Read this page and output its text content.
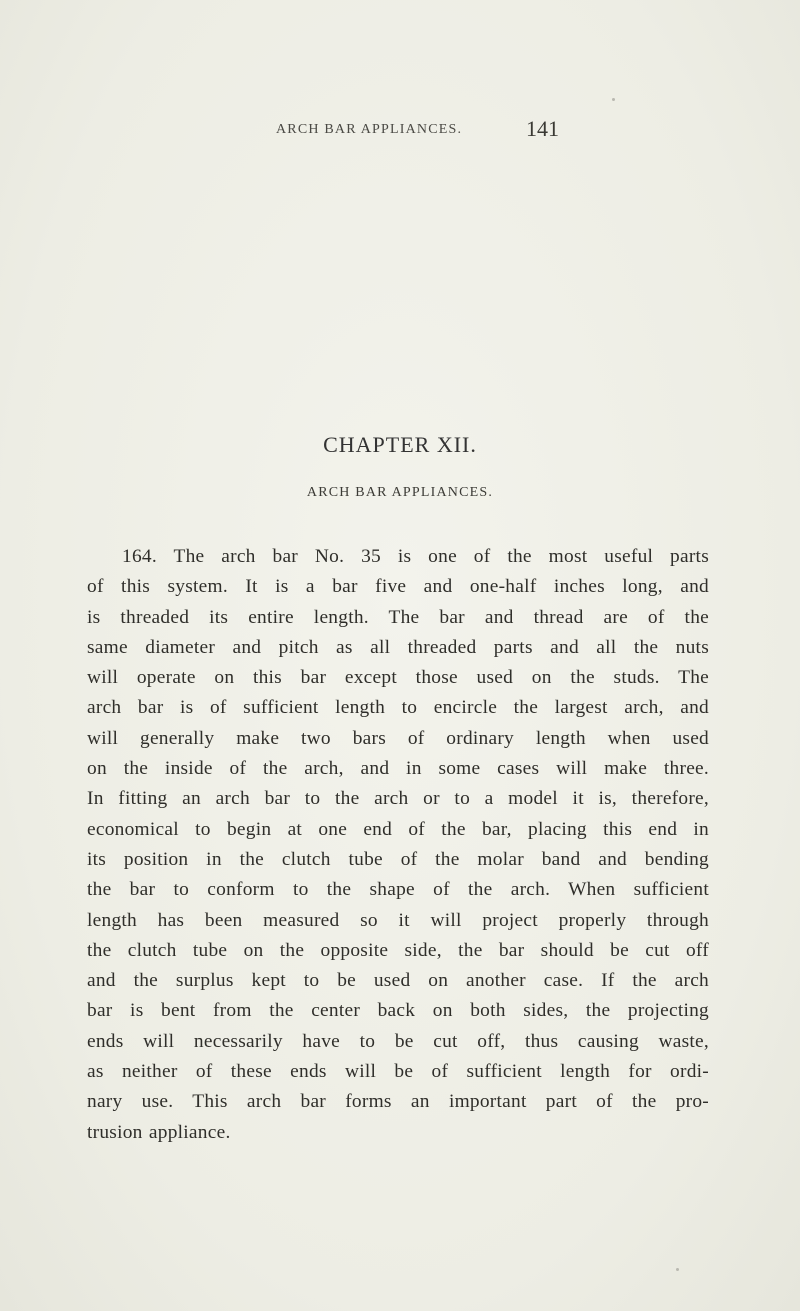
ARCH BAR APPLIANCES.	141
CHAPTER XII.
ARCH BAR APPLIANCES.
164. The arch bar No. 35 is one of the most useful parts
of this system. It is a bar five and one-half inches long, and
is threaded its entire length. The bar and thread are of the
same diameter and pitch as all threaded parts and all the nuts
will operate on this bar except those used on the studs. The
arch bar is of sufficient length to encircle the largest arch, and
will generally make two bars of ordinary length when used
on the inside of the arch, and in some cases will make three.
In fitting an arch bar to the arch or to a model it is, therefore,
economical to begin at one end of the bar, placing this end in
its position in the clutch tube of the molar band and bending
the bar to conform to the shape of the arch. When sufficient
length has been measured so it will project properly through
the clutch tube on the opposite side, the bar should be cut off
and the surplus kept to be used on another case. If the arch
bar is bent from the center back on both sides, the projecting
ends will necessarily have to be cut off, thus causing waste,
as neither of these ends will be of sufficient length for ordi-
nary use. This arch bar forms an important part of the pro-
trusion appliance.
